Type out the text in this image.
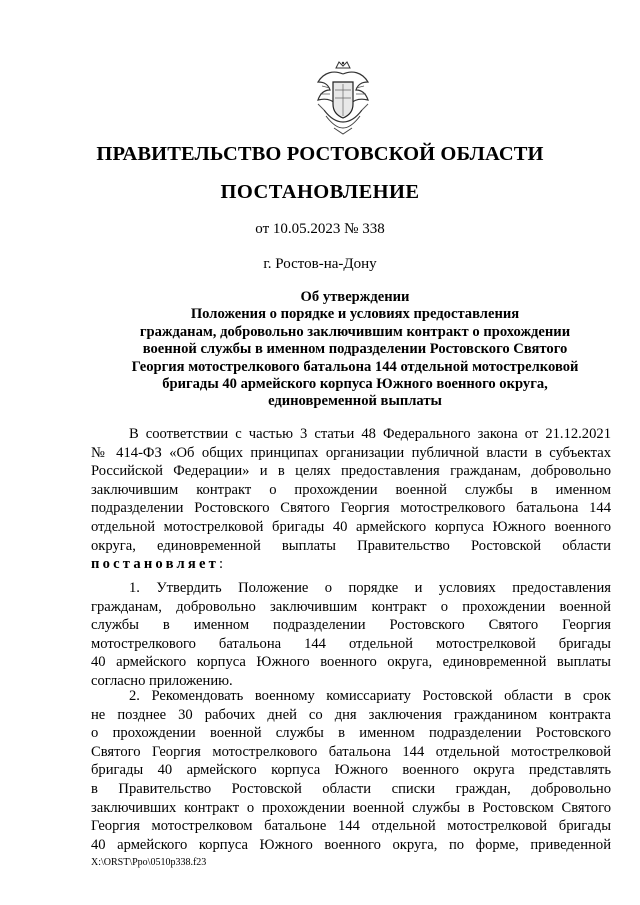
ПРАВИТЕЛЬСТВО РОСТОВСКОЙ ОБЛАСТИ
ПОСТАНОВЛЕНИЕ
от 10.05.2023 № 338
г. Ростов-на-Дону
Об утверждении
Положения о порядке и условиях предоставления
гражданам, добровольно заключившим контракт о прохождении
военной службы в именном подразделении Ростовского Святого
Георгия мотострелкового батальона 144 отдельной мотострелковой
бригады 40 армейского корпуса Южного военного округа,
единовременной выплаты
В соответствии с частью 3 статьи 48 Федерального закона от 21.12.2021
№ 414-ФЗ «Об общих принципах организации публичной власти в субъектах
Российской Федерации» и в целях предоставления гражданам, добровольно
заключившим контракт о прохождении военной службы в именном
подразделении Ростовского Святого Георгия мотострелкового батальона 144
отдельной мотострелковой бригады 40 армейского корпуса Южного военного
округа, единовременной выплаты Правительство Ростовской области
постановляет:
1. Утвердить Положение о порядке и условиях предоставления
гражданам, добровольно заключившим контракт о прохождении военной
службы в именном подразделении Ростовского Святого Георгия
мотострелкового батальона 144 отдельной мотострелковой бригады
40 армейского корпуса Южного военного округа, единовременной выплаты
согласно приложению.
2. Рекомендовать военному комиссариату Ростовской области в срок
не позднее 30 рабочих дней со дня заключения гражданином контракта
о прохождении военной службы в именном подразделении Ростовского
Святого Георгия мотострелкового батальона 144 отдельной мотострелковой
бригады 40 армейского корпуса Южного военного округа представлять
в Правительство Ростовской области списки граждан, добровольно
заключивших контракт о прохождении военной службы в Ростовском Святого
Георгия мотострелковом батальоне 144 отдельной мотострелковой бригады
40 армейского корпуса Южного военного округа, по форме, приведенной
X:\ORST\Ppo\0510p338.f23
